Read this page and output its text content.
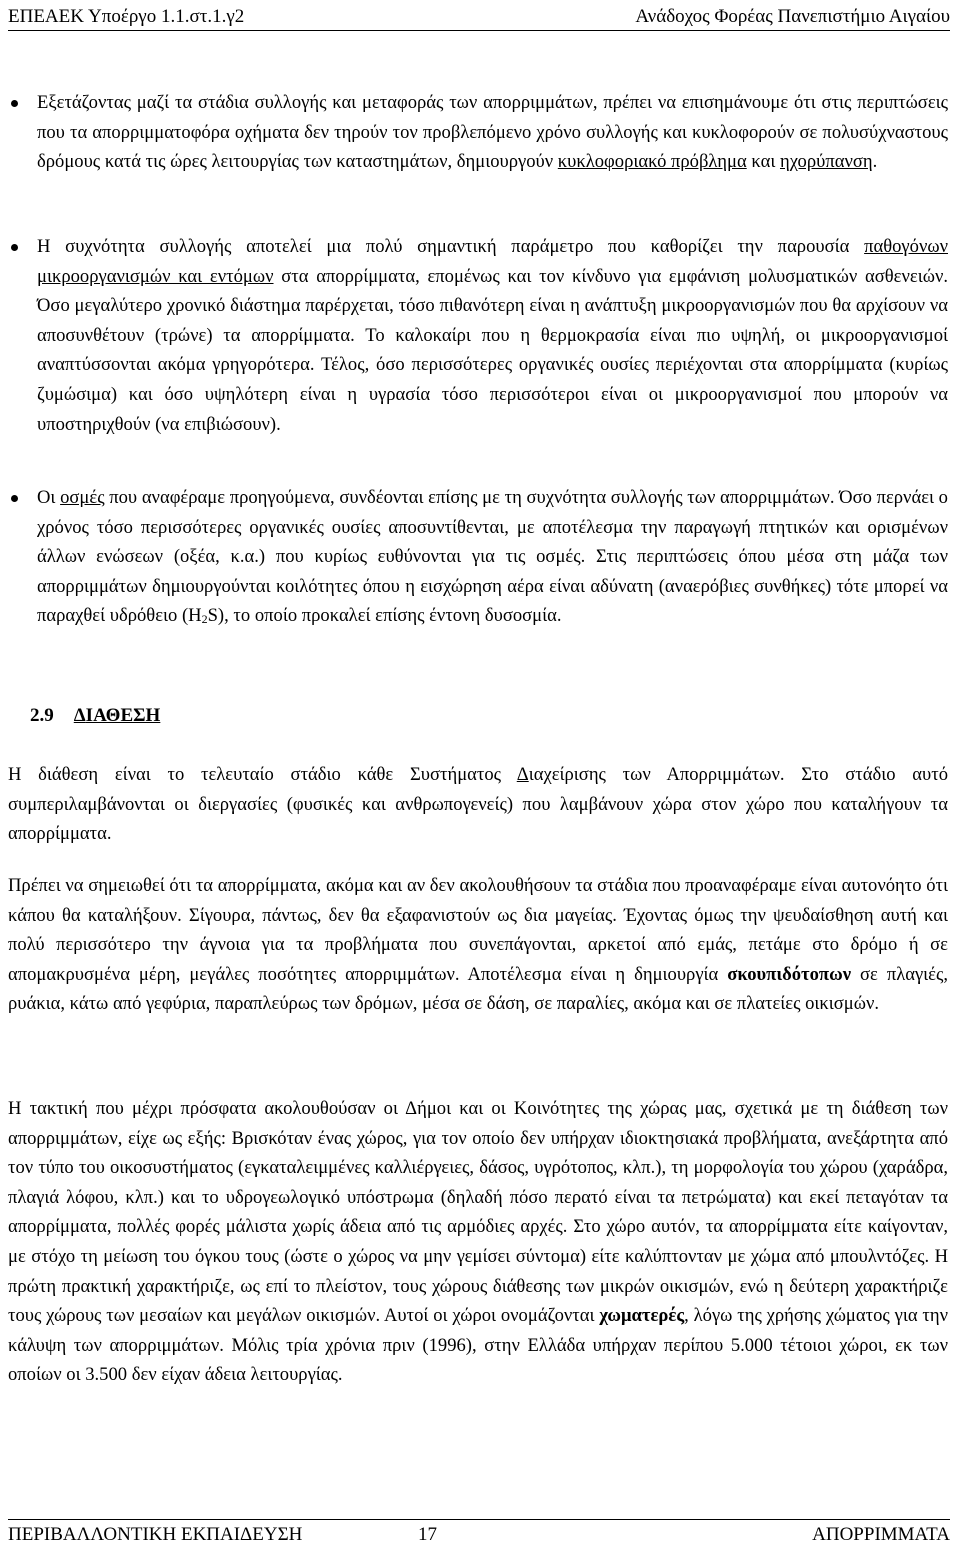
ΕΠΕΑΕΚ Υποέργο 1.1.στ.1.γ2	Ανάδοχος Φορέας Πανεπιστήμιο Αιγαίου

Εξετάζοντας μαζί τα στάδια συλλογής και μεταφοράς των απορριμμάτων, πρέπει να επισημάνουμε ότι στις περιπτώσεις που τα απορριμματοφόρα οχήματα δεν τηρούν τον προβλεπόμενο χρόνο συλλογής και κυκλοφορούν σε πολυσύχναστους δρόμους κατά τις ώρες λειτουργίας των καταστημάτων, δημιουργούν κυκλοφοριακό πρόβλημα και ηχορύπανση.

Η συχνότητα συλλογής αποτελεί μια πολύ σημαντική παράμετρο που καθορίζει την παρουσία παθογόνων μικροοργανισμών και εντόμων στα απορρίμματα, επομένως και τον κίνδυνο για εμφάνιση μολυσματικών ασθενειών. Όσο μεγαλύτερο χρονικό διάστημα παρέρχεται, τόσο πιθανότερη είναι η ανάπτυξη μικροοργανισμών που θα αρχίσουν να αποσυνθέτουν (τρώνε) τα απορρίμματα. Το καλοκαίρι που η θερμοκρασία είναι πιο υψηλή, οι μικροοργανισμοί αναπτύσσονται ακόμα γρηγορότερα. Τέλος, όσο περισσότερες οργανικές ουσίες περιέχονται στα απορρίμματα (κυρίως ζυμώσιμα) και όσο υψηλότερη είναι η υγρασία τόσο περισσότεροι είναι οι μικροοργανισμοί που μπορούν να υποστηριχθούν (να επιβιώσουν).

Οι οσμές που αναφέραμε προηγούμενα, συνδέονται επίσης με τη συχνότητα συλλογής των απορριμμάτων. Όσο περνάει ο χρόνος τόσο περισσότερες οργανικές ουσίες αποσυντίθενται, με αποτέλεσμα την παραγωγή πτητικών και ορισμένων άλλων ενώσεων (οξέα, κ.α.) που κυρίως ευθύνονται για τις οσμές. Στις περιπτώσεις όπου μέσα στη μάζα των απορριμμάτων δημιουργούνται κοιλότητες όπου η εισχώρηση αέρα είναι αδύνατη (αναερόβιες συνθήκες) τότε μπορεί να παραχθεί υδρόθειο (H2S), το οποίο προκαλεί επίσης έντονη δυσοσμία.

2.9 ΔΙΑΘΕΣΗ

Η διάθεση είναι το τελευταίο στάδιο κάθε Συστήματος Διαχείρισης των Απορριμμάτων. Στο στάδιο αυτό συμπεριλαμβάνονται οι διεργασίες (φυσικές και ανθρωπογενείς) που λαμβάνουν χώρα στον χώρο που καταλήγουν τα απορρίμματα.

Πρέπει να σημειωθεί ότι τα απορρίμματα, ακόμα και αν δεν ακολουθήσουν τα στάδια που προαναφέραμε είναι αυτονόητο ότι κάπου θα καταλήξουν. Σίγουρα, πάντως, δεν θα εξαφανιστούν ως δια μαγείας. Έχοντας όμως την ψευδαίσθηση αυτή και πολύ περισσότερο την άγνοια για τα προβλήματα που συνεπάγονται, αρκετοί από εμάς, πετάμε στο δρόμο ή σε απομακρυσμένα μέρη, μεγάλες ποσότητες απορριμμάτων. Αποτέλεσμα είναι η δημιουργία σκουπιδότοπων σε πλαγιές, ρυάκια, κάτω από γεφύρια, παραπλεύρως των δρόμων, μέσα σε δάση, σε παραλίες, ακόμα και σε πλατείες οικισμών.

Η τακτική που μέχρι πρόσφατα ακολουθούσαν οι Δήμοι και οι Κοινότητες της χώρας μας, σχετικά με τη διάθεση των απορριμμάτων, είχε ως εξής: Βρισκόταν ένας χώρος, για τον οποίο δεν υπήρχαν ιδιοκτησιακά προβλήματα, ανεξάρτητα από τον τύπο του οικοσυστήματος (εγκαταλειμμένες καλλιέργειες, δάσος, υγρότοπος, κλπ.), τη μορφολογία του χώρου (χαράδρα, πλαγιά λόφου, κλπ.) και το υδρογεωλογικό υπόστρωμα (δηλαδή πόσο περατό είναι τα πετρώματα) και εκεί πεταγόταν τα απορρίμματα, πολλές φορές μάλιστα χωρίς άδεια από τις αρμόδιες αρχές. Στο χώρο αυτόν, τα απορρίμματα είτε καίγονταν, με στόχο τη μείωση του όγκου τους (ώστε ο χώρος να μην γεμίσει σύντομα) είτε καλύπτονταν με χώμα από μπουλντόζες. Η πρώτη πρακτική χαρακτήριζε, ως επί το πλείστον, τους χώρους διάθεσης των μικρών οικισμών, ενώ η δεύτερη χαρακτήριζε τους χώρους των μεσαίων και μεγάλων οικισμών. Αυτοί οι χώροι ονομάζονται χωματερές, λόγω της χρήσης χώματος για την κάλυψη των απορριμμάτων. Μόλις τρία χρόνια πριν (1996), στην Ελλάδα υπήρχαν περίπου 5.000 τέτοιοι χώροι, εκ των οποίων οι 3.500 δεν είχαν άδεια λειτουργίας.

ΠΕΡΙΒΑΛΛΟΝΤΙΚΗ ΕΚΠΑΙΔΕΥΣΗ	17	ΑΠΟΡΡΙΜΜΑΤΑ
